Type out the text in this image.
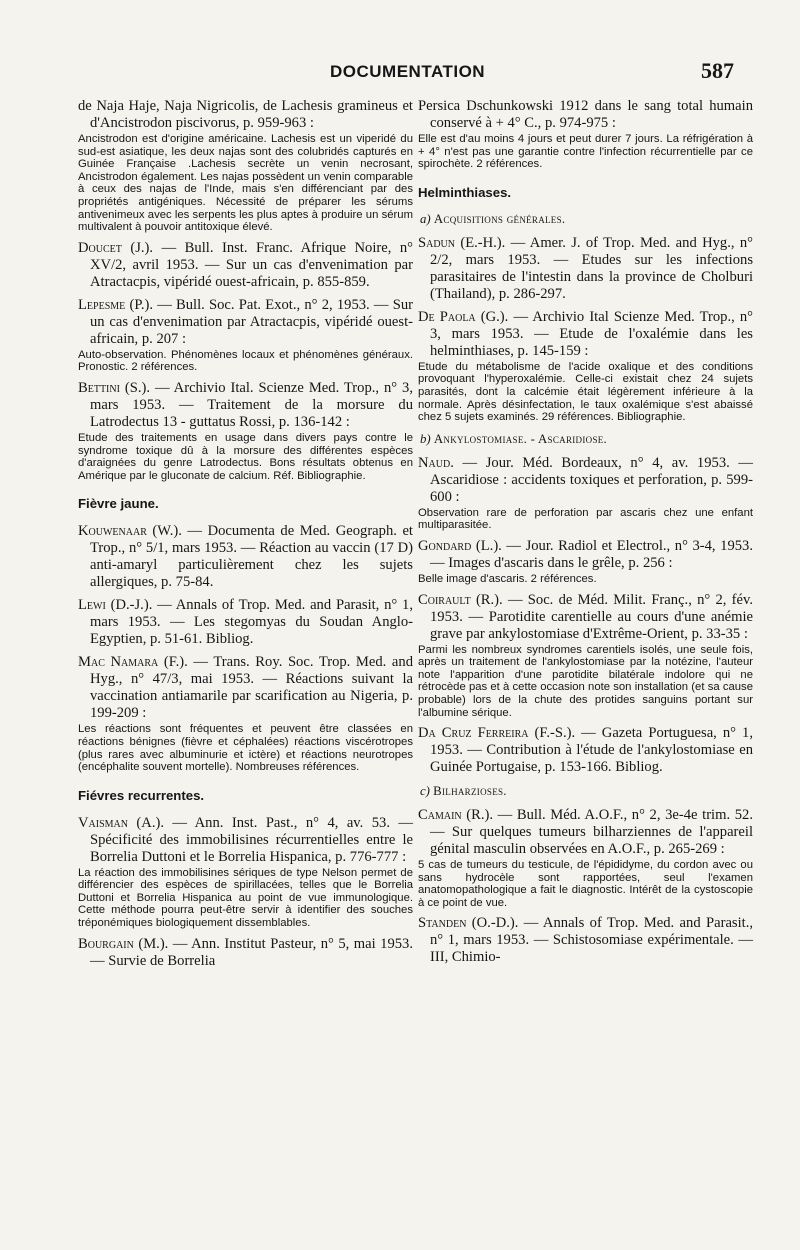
DOCUMENTATION	587

de Naja Haje, Naja Nigricolis, de Lachesis gramineus et d'Ancistrodon piscivorus, p. 959-963 :

Ancistrodon est d'origine américaine. Lachesis est un viperidé du sud-est asiatique, les deux najas sont des colubridés capturés en Guinée Française .Lachesis secrète un venin necrosant, Ancistrodon également. Les najas possèdent un venin comparable à ceux des najas de l'Inde, mais s'en différenciant par des propriétés antigéniques. Nécessité de préparer les sérums antivenimeux avec les serpents les plus aptes à produire un sérum multivalent à pouvoir antitoxique élevé.

Doucet (J.). — Bull. Inst. Franc. Afrique Noire, n° XV/2, avril 1953. — Sur un cas d'envenimation par Atractacpis, vipéridé ouest-africain, p. 855-859.

Lepesme (P.). — Bull. Soc. Pat. Exot., n° 2, 1953. — Sur un cas d'envenimation par Atractacpis, vipéridé ouest-africain, p. 207 :

Auto-observation. Phénomènes locaux et phénomènes généraux. Pronostic. 2 références.

Bettini (S.). — Archivio Ital. Scienze Med. Trop., n° 3, mars 1953. — Traitement de la morsure du Latrodectus 13 - guttatus Rossi, p. 136-142 :

Etude des traitements en usage dans divers pays contre le syndrome toxique dû à la morsure des différentes espèces d'araignées du genre Latrodectus. Bons résultats obtenus en Amérique par le gluconate de calcium. Réf. Bibliographie.

Fièvre jaune.

Kouwenaar (W.). — Documenta de Med. Geograph. et Trop., n° 5/1, mars 1953. — Réaction au vaccin (17 D) anti-amaryl particulièrement chez les sujets allergiques, p. 75-84.

Lewi (D.-J.). — Annals of Trop. Med. and Parasit, n° 1, mars 1953. — Les stegomyas du Soudan Anglo-Egyptien, p. 51-61. Bibliog.

Mac Namara (F.). — Trans. Roy. Soc. Trop. Med. and Hyg., n° 47/3, mai 1953. — Réactions suivant la vaccination antiamarile par scarification au Nigeria, p. 199-209 :

Les réactions sont fréquentes et peuvent être classées en réactions bénignes (fièvre et céphalées) réactions viscérotropes (plus rares avec albuminurie et ictère) et réactions neurotropes (encéphalite souvent mortelle). Nombreuses références.

Fiévres recurrentes.

Vaisman (A.). — Ann. Inst. Past., n° 4, av. 53. — Spécificité des immobilisines récurrentielles entre le Borrelia Duttoni et le Borrelia Hispanica, p. 776-777 :

La réaction des immobilisines sériques de type Nelson permet de différencier des espèces de spirillacées, telles que le Borrelia Duttoni et Borrelia Hispanica au point de vue immunologique. Cette méthode pourra peut-être servir à identifier des souches tréponémiques biologiquement dissemblables.

Bourgain (M.). — Ann. Institut Pasteur, n° 5, mai 1953. — Survie de Borrelia

Persica Dschunkowski 1912 dans le sang total humain conservé à + 4° C., p. 974-975 :

Elle est d'au moins 4 jours et peut durer 7 jours. La réfrigération à + 4° n'est pas une garantie contre l'infection récurrentielle par ce spirochète. 2 références.

Helminthiases.
a) Acquisitions générales.

Sadun (E.-H.). — Amer. J. of Trop. Med. and Hyg., n° 2/2, mars 1953. — Etudes sur les infections parasitaires de l'intestin dans la province de Cholburi (Thailand), p. 286-297.

De Paola (G.). — Archivio Ital Scienze Med. Trop., n° 3, mars 1953. — Etude de l'oxalémie dans les helminthiases, p. 145-159 :

Etude du métabolisme de l'acide oxalique et des conditions provoquant l'hyperoxalémie. Celle-ci existait chez 24 sujets parasités, dont la calcémie était légèrement inférieure à la normale. Après désinfectation, le taux oxalémique s'est abaissé chez 5 sujets examinés. 29 références. Bibliographie.

b) Ankylostomiase. - Ascaridiose.

Naud. — Jour. Méd. Bordeaux, n° 4, av. 1953. — Ascaridiose : accidents toxiques et perforation, p. 599-600 :

Observation rare de perforation par ascaris chez une enfant multiparasitée.

Gondard (L.). — Jour. Radiol et Electrol., n° 3-4, 1953. — Images d'ascaris dans le grêle, p. 256 :

Belle image d'ascaris. 2 références.

Coirault (R.). — Soc. de Méd. Milit. Franç., n° 2, fév. 1953. — Parotidite carentielle au cours d'une anémie grave par ankylostomiase d'Extrême-Orient, p. 33-35 :

Parmi les nombreux syndromes carentiels isolés, une seule fois, après un traitement de l'ankylostomiase par la notézine, l'auteur note l'apparition d'une parotidite bilatérale indolore qui ne rétrocède pas et à cette occasion note son installation (et sa cause probable) lors de la chute des protides sanguins portant sur l'albumine sérique.

Da Cruz Ferreira (F.-S.). — Gazeta Portuguesa, n° 1, 1953. — Contribution à l'étude de l'ankylostomiase en Guinée Portugaise, p. 153-166. Bibliog.

c) Bilharzioses.

Camain (R.). — Bull. Méd. A.O.F., n° 2, 3e-4e trim. 52. — Sur quelques tumeurs bilharziennes de l'appareil génital masculin observées en A.O.F., p. 265-269 :

5 cas de tumeurs du testicule, de l'épididyme, du cordon avec ou sans hydrocèle sont rapportées, seul l'examen anatomopathologique a fait le diagnostic. Intérêt de la cystoscopie à ce point de vue.

Standen (O.-D.). — Annals of Trop. Med. and Parasit., n° 1, mars 1953. — Schistosomiase expérimentale. — III, Chimio-
